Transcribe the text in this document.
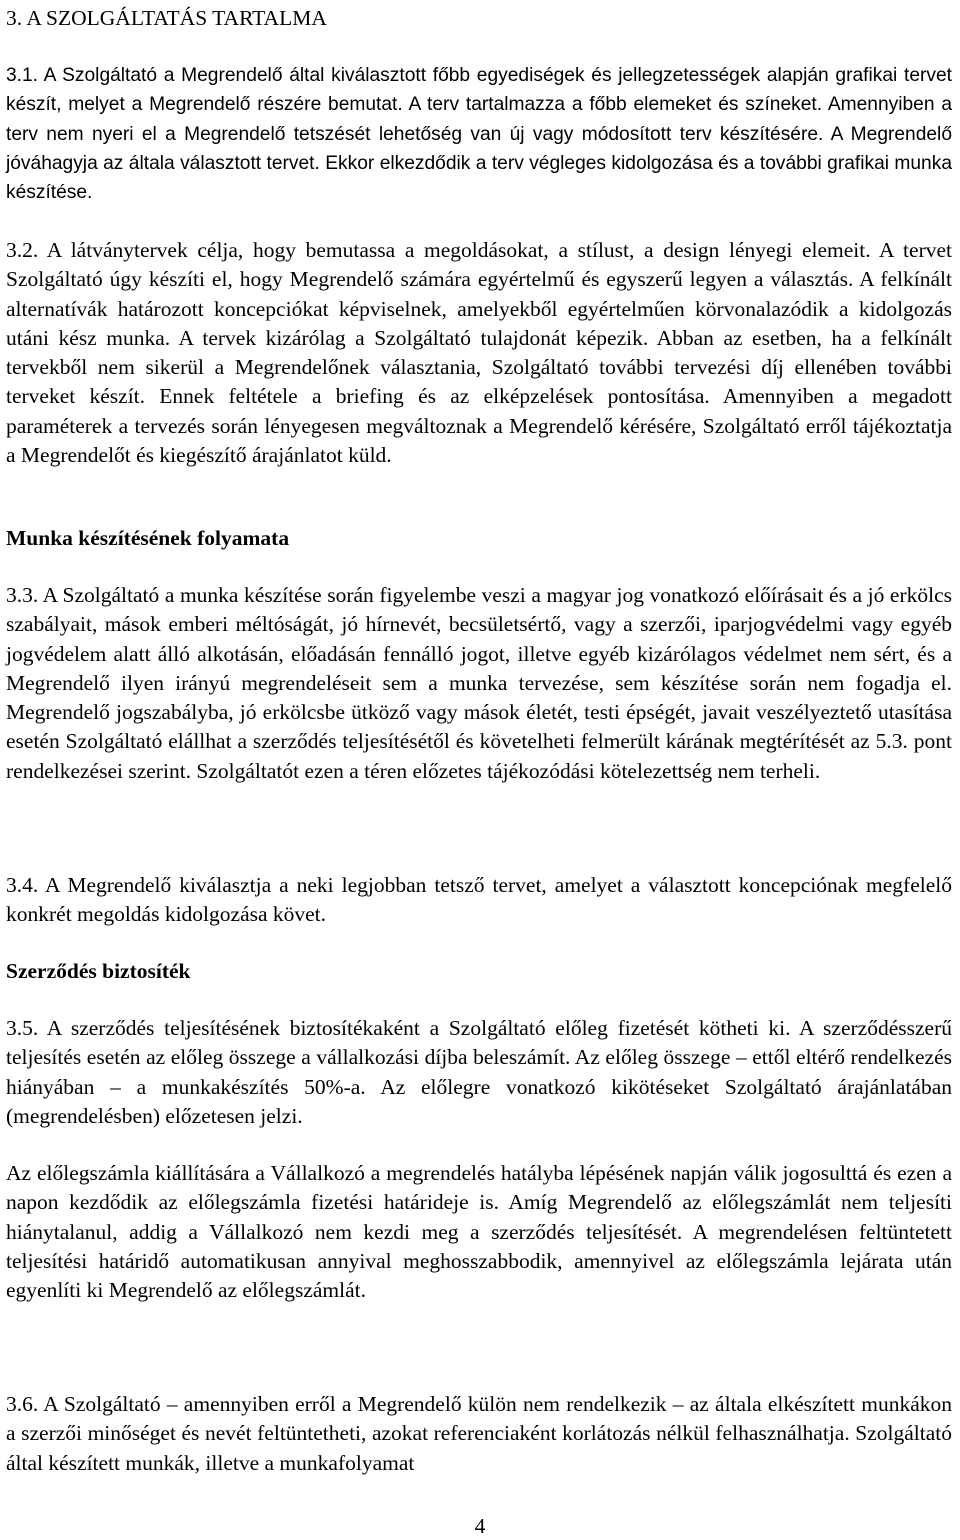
3. A SZOLGÁLTATÁS TARTALMA
3.1. A Szolgáltató a Megrendelő által kiválasztott főbb egyediségek és jellegzetességek alapján grafikai tervet készít, melyet a Megrendelő részére bemutat. A terv tartalmazza a főbb elemeket és színeket. Amennyiben a terv nem nyeri el a Megrendelő tetszését lehetőség van új vagy módosított terv készítésére. A Megrendelő jóváhagyja az általa választott tervet. Ekkor elkezdődik a terv végleges kidolgozása és a további grafikai munka készítése.
3.2. A látványtervek célja, hogy bemutassa a megoldásokat, a stílust, a design lényegi elemeit. A tervet Szolgáltató úgy készíti el, hogy Megrendelő számára egyértelmű és egyszerű legyen a választás. A felkínált alternatívák határozott koncepciókat képviselnek, amelyekből egyértelműen körvonalazódik a kidolgozás utáni kész munka. A tervek kizárólag a Szolgáltató tulajdonát képezik. Abban az esetben, ha a felkínált tervekből nem sikerül a Megrendelőnek választania, Szolgáltató további tervezési díj ellenében további terveket készít. Ennek feltétele a briefing és az elképzelések pontosítása. Amennyiben a megadott paraméterek a tervezés során lényegesen megváltoznak a Megrendelő kérésére, Szolgáltató erről tájékoztatja a Megrendelőt és kiegészítő árajánlatot küld.
Munka készítésének folyamata
3.3. A Szolgáltató a munka készítése során figyelembe veszi a magyar jog vonatkozó előírásait és a jó erkölcs szabályait, mások emberi méltóságát, jó hírnevét, becsületsértő, vagy a szerzői, iparjogvédelmi vagy egyéb jogvédelem alatt álló alkotásán, előadásán fennálló jogot, illetve egyéb kizárólagos védelmet nem sért, és a Megrendelő ilyen irányú megrendeléseit sem a munka tervezése, sem készítése során nem fogadja el. Megrendelő jogszabályba, jó erkölcsbe ütköző vagy mások életét, testi épségét, javait veszélyeztető utasítása esetén Szolgáltató elállhat a szerződés teljesítésétől és követelheti felmerült kárának megtérítését az 5.3. pont rendelkezései szerint. Szolgáltatót ezen a téren előzetes tájékozódási kötelezettség nem terheli.
3.4. A Megrendelő kiválasztja a neki legjobban tetsző tervet, amelyet a választott koncepciónak megfelelő konkrét megoldás kidolgozása követ.
Szerződés biztosíték
3.5. A szerződés teljesítésének biztosítékaként a Szolgáltató előleg fizetését kötheti ki. A szerződésszerű teljesítés esetén az előleg összege a vállalkozási díjba beleszámít. Az előleg összege – ettől eltérő rendelkezés hiányában – a munkakészítés 50%-a. Az előlegre vonatkozó kikötéseket Szolgáltató árajánlatában (megrendelésben) előzetesen jelzi.
Az előlegszámla kiállítására a Vállalkozó a megrendelés hatályba lépésének napján válik jogosulttá és ezen a napon kezdődik az előlegszámla fizetési határideje is. Amíg Megrendelő az előlegszámlát nem teljesíti hiánytalanul, addig a Vállalkozó nem kezdi meg a szerződés teljesítését. A megrendelésen feltüntetett teljesítési határidő automatikusan annyival meghosszabbodik, amennyivel az előlegszámla lejárata után egyenlíti ki Megrendelő az előlegszámlát.
3.6. A Szolgáltató – amennyiben erről a Megrendelő külön nem rendelkezik – az általa elkészített munkákon a szerzői minőséget és nevét feltüntetheti, azokat referenciaként korlátozás nélkül felhasználhatja. Szolgáltató által készített munkák, illetve a munkafolyamat
4
